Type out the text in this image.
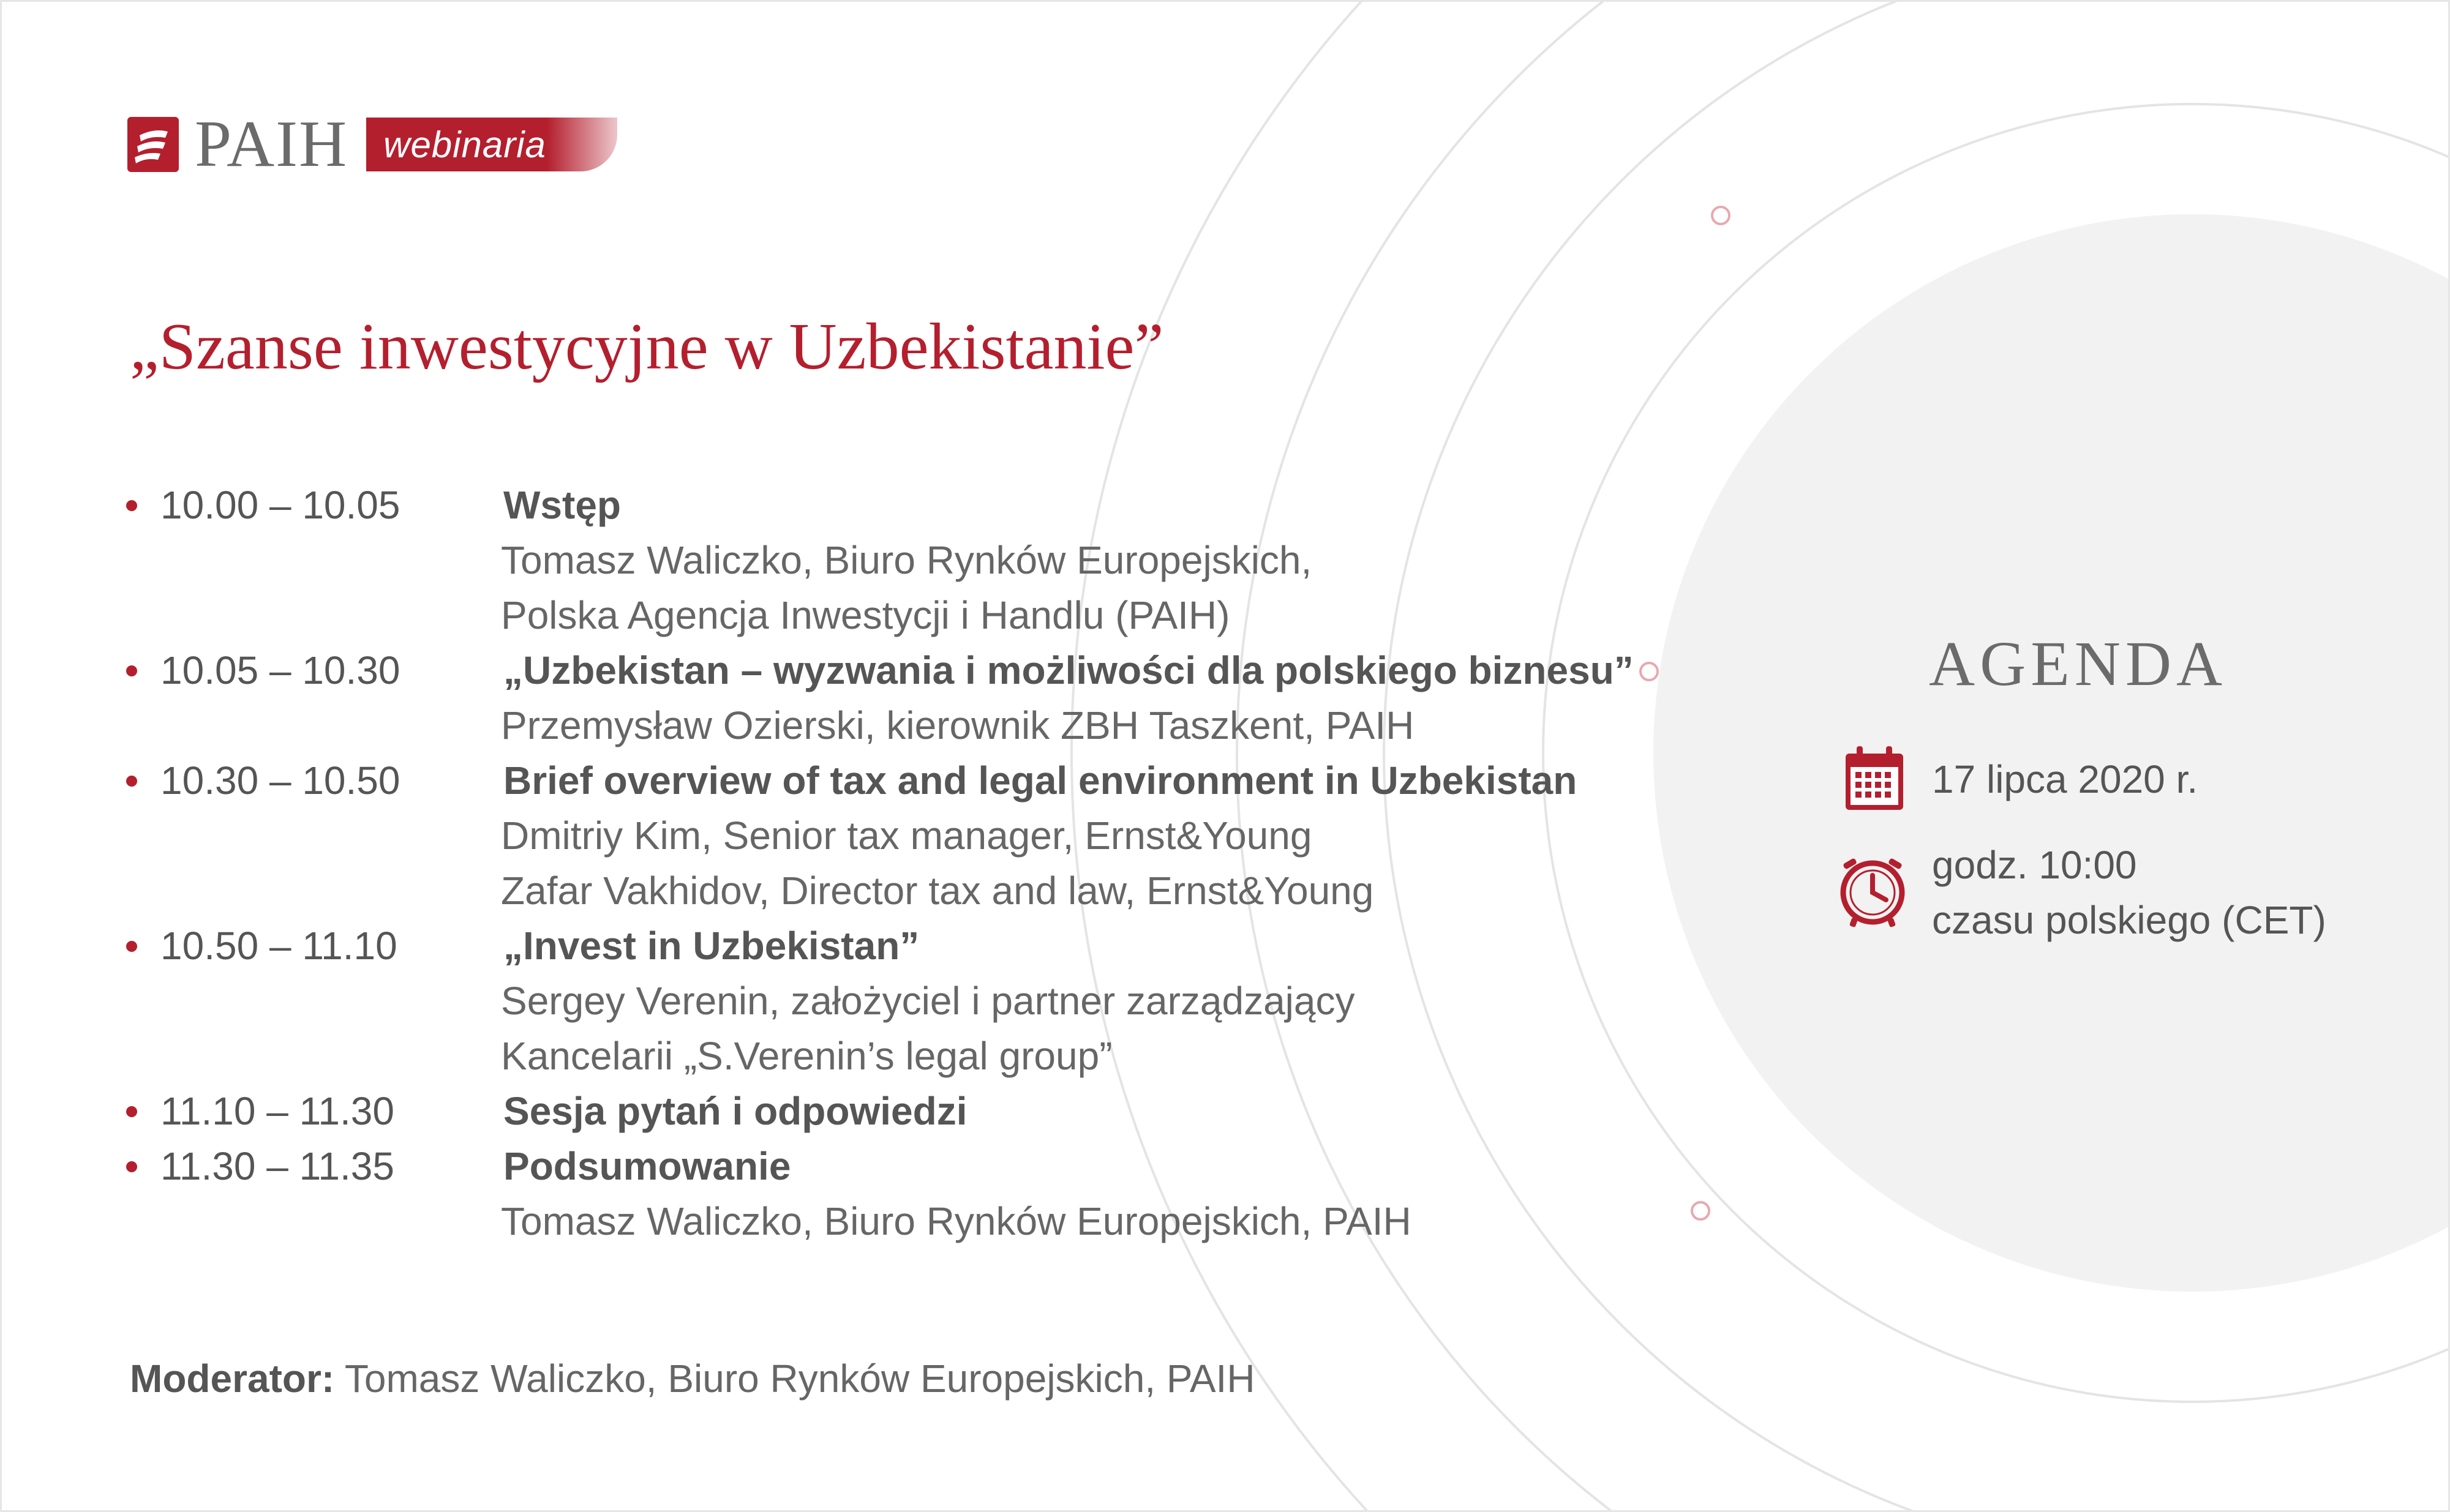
PAIH webinaria
„Szanse inwestycyjne w Uzbekistanie”
10.00 – 10.05	Wstęp
Tomasz Waliczko, Biuro Rynków Europejskich,
Polska Agencja Inwestycji i Handlu (PAIH)
10.05 – 10.30	„Uzbekistan – wyzwania i możliwości dla polskiego biznesu”
Przemysław Ozierski, kierownik ZBH Taszkent, PAIH
10.30 – 10.50	Brief overview of tax and legal environment in Uzbekistan
Dmitriy Kim, Senior tax manager, Ernst&Young
Zafar Vakhidov, Director tax and law, Ernst&Young
10.50 – 11.10	„Invest in Uzbekistan”
Sergey Verenin, założyciel i partner zarządzający
Kancelarii „S.Verenin’s legal group”
11.10 – 11.30	Sesja pytań i odpowiedzi
11.30 – 11.35	Podsumowanie
Tomasz Waliczko, Biuro Rynków Europejskich, PAIH
Moderator: Tomasz Waliczko, Biuro Rynków Europejskich, PAIH
AGENDA
17 lipca 2020 r.
godz. 10:00
czasu polskiego (CET)
